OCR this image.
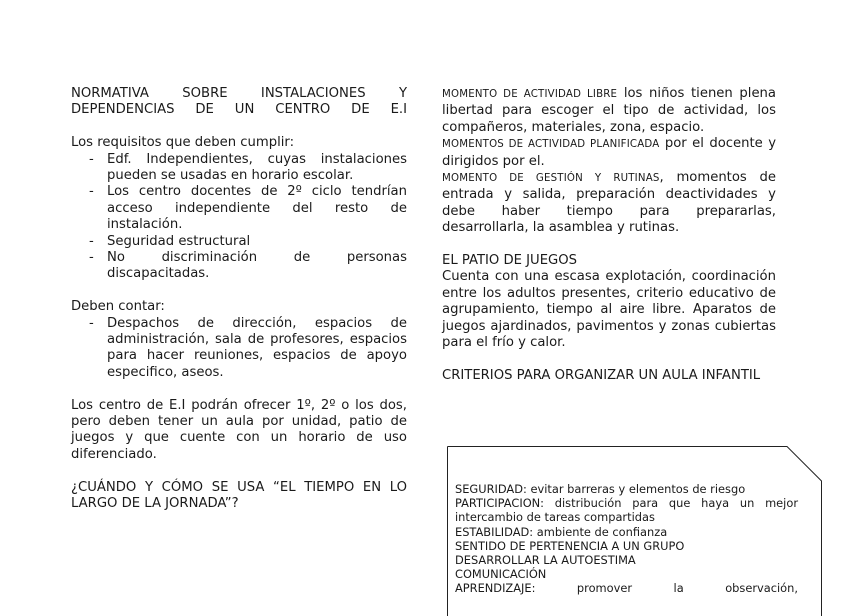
NORMATIVA SOBRE INSTALACIONES Y DEPENDENCIAS DE UN CENTRO DE E.I

Los requisitos que deben cumplir:

- Edf. Independientes, cuyas instalaciones pueden se usadas en horario escolar.
- Los centro docentes de 2º ciclo tendrían acceso independiente del resto de instalación.
- Seguridad estructural
- No discriminación de personas discapacitadas.

Deben contar:

- Despachos de dirección, espacios de administración, sala de profesores, espacios para hacer reuniones, espacios de apoyo especifico, aseos.

Los centro de E.I podrán ofrecer 1º, 2º o los dos, pero deben tener un aula por unidad, patio de juegos y que cuente con un horario de uso diferenciado.

¿CUÁNDO Y CÓMO SE USA “EL TIEMPO EN LO LARGO DE LA JORNADA”?

MOMENTO DE ACTIVIDAD LIBRE los niños tienen plena libertad para escoger el tipo de actividad, los compañeros, materiales, zona, espacio.

MOMENTOS DE ACTIVIDAD PLANIFICADA por el docente y dirigidos por el.

MOMENTO DE GESTIÓN Y RUTINAS, momentos de entrada y salida, preparación deactividades y debe haber tiempo para prepararlas, desarrollarla, la asamblea y rutinas.

EL PATIO DE JUEGOS

Cuenta con una escasa explotación, coordinación entre los adultos presentes, criterio educativo de agrupamiento, tiempo al aire libre. Aparatos de juegos ajardinados, pavimentos y zonas cubiertas para el frío y calor.

CRITERIOS PARA ORGANIZAR UN AULA INFANTIL

SEGURIDAD: evitar barreras y elementos de riesgo

PARTICIPACION: distribución para que haya un mejor intercambio de tareas compartidas

ESTABILIDAD: ambiente de confianza

SENTIDO DE PERTENENCIA A UN GRUPO

DESARROLLAR LA AUTOESTIMA

COMUNICACIÓN

APRENDIZAJE: promover la observación,
